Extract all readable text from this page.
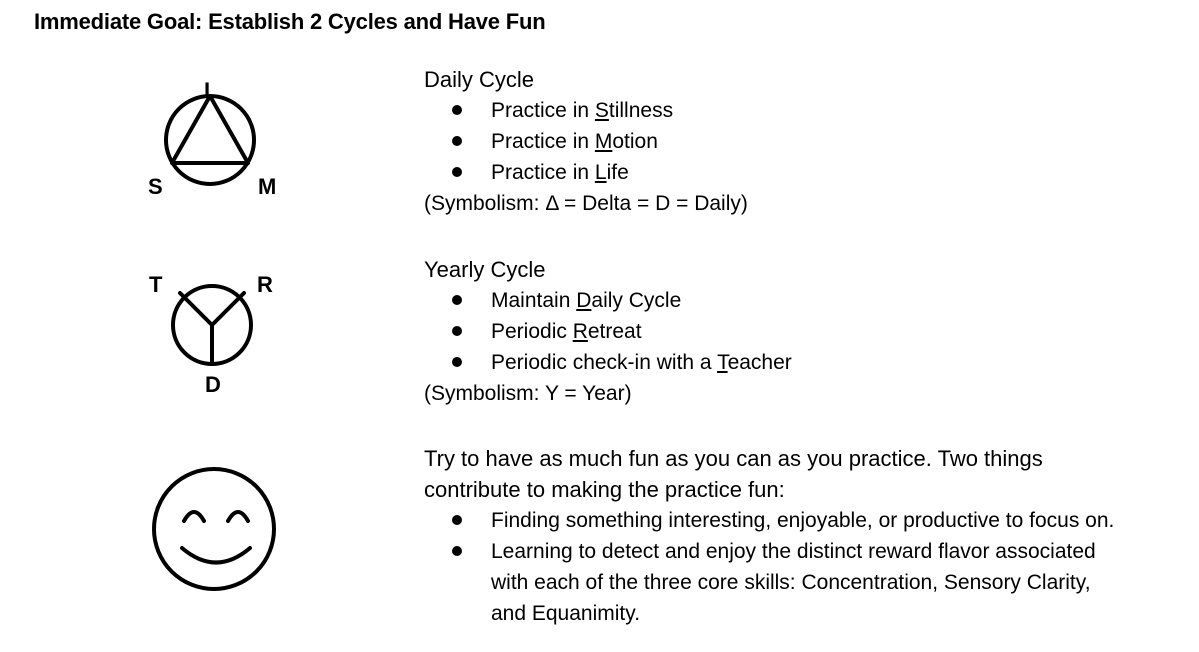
Immediate Goal: Establish 2 Cycles and Have Fun
L
S	M
T	R
D
Daily Cycle
Practice in Stillness
Practice in Motion
Practice in Life
(Symbolism: Δ = Delta = D = Daily)
Yearly Cycle
Maintain Daily Cycle
Periodic Retreat
Periodic check-in with a Teacher
(Symbolism: Y = Year)
Try to have as much fun as you can as you practice. Two things contribute to making the practice fun:
Finding something interesting, enjoyable, or productive to focus on.
Learning to detect and enjoy the distinct reward flavor associated with each of the three core skills: Concentration, Sensory Clarity, and Equanimity.
